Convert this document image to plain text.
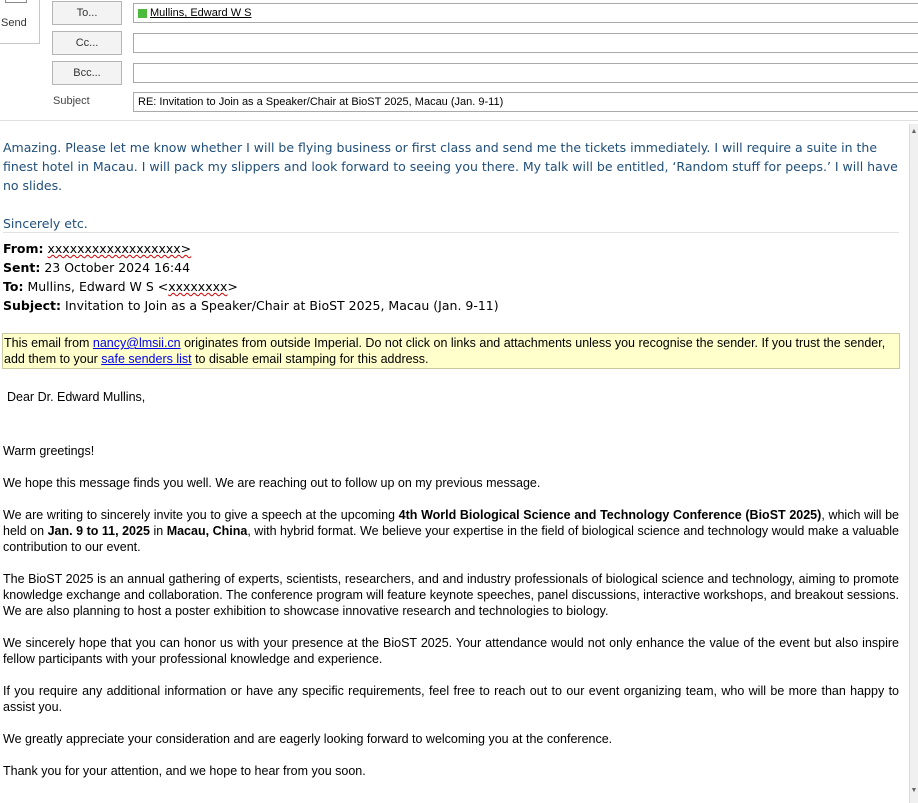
Send
To...	Mullins, Edward W S
Cc...
Bcc...
Subject	RE: Invitation to Join as a Speaker/Chair at BioST 2025, Macau (Jan. 9-11)
▲
▼

Amazing. Please let me know whether I will be flying business or first class and send me the tickets immediately. I will require a suite in the finest hotel in Macau. I will pack my slippers and look forward to seeing you there. My talk will be entitled, ‘Random stuff for peeps.’ I will have no slides.

Sincerely etc.

From: xxxxxxxxxxxxxxxxxx>
Sent: 23 October 2024 16:44
To: Mullins, Edward W S <xxxxxxxx>
Subject: Invitation to Join as a Speaker/Chair at BioST 2025, Macau (Jan. 9-11)
This email from nancy@lmsii.cn originates from outside Imperial. Do not click on links and attachments unless you recognise the sender. If you trust the sender, add them to your safe senders list to disable email stamping for this address.

Dear Dr. Edward Mullins,

Warm greetings!

We hope this message finds you well. We are reaching out to follow up on my previous message.

We are writing to sincerely invite you to give a speech at the upcoming 4th World Biological Science and Technology Conference (BioST 2025), which will be held on Jan. 9 to 11, 2025 in Macau, China, with hybrid format. We believe your expertise in the field of biological science and technology would make a valuable contribution to our event.

The BioST 2025 is an annual gathering of experts, scientists, researchers, and and industry professionals of biological science and technology, aiming to promote knowledge exchange and collaboration. The conference program will feature keynote speeches, panel discussions, interactive workshops, and breakout sessions. We are also planning to host a poster exhibition to showcase innovative research and technologies to biology.

We sincerely hope that you can honor us with your presence at the BioST 2025. Your attendance would not only enhance the value of the event but also inspire fellow participants with your professional knowledge and experience.

If you require any additional information or have any specific requirements, feel free to reach out to our event organizing team, who will be more than happy to assist you.

We greatly appreciate your consideration and are eagerly looking forward to welcoming you at the conference.

Thank you for your attention, and we hope to hear from you soon.
